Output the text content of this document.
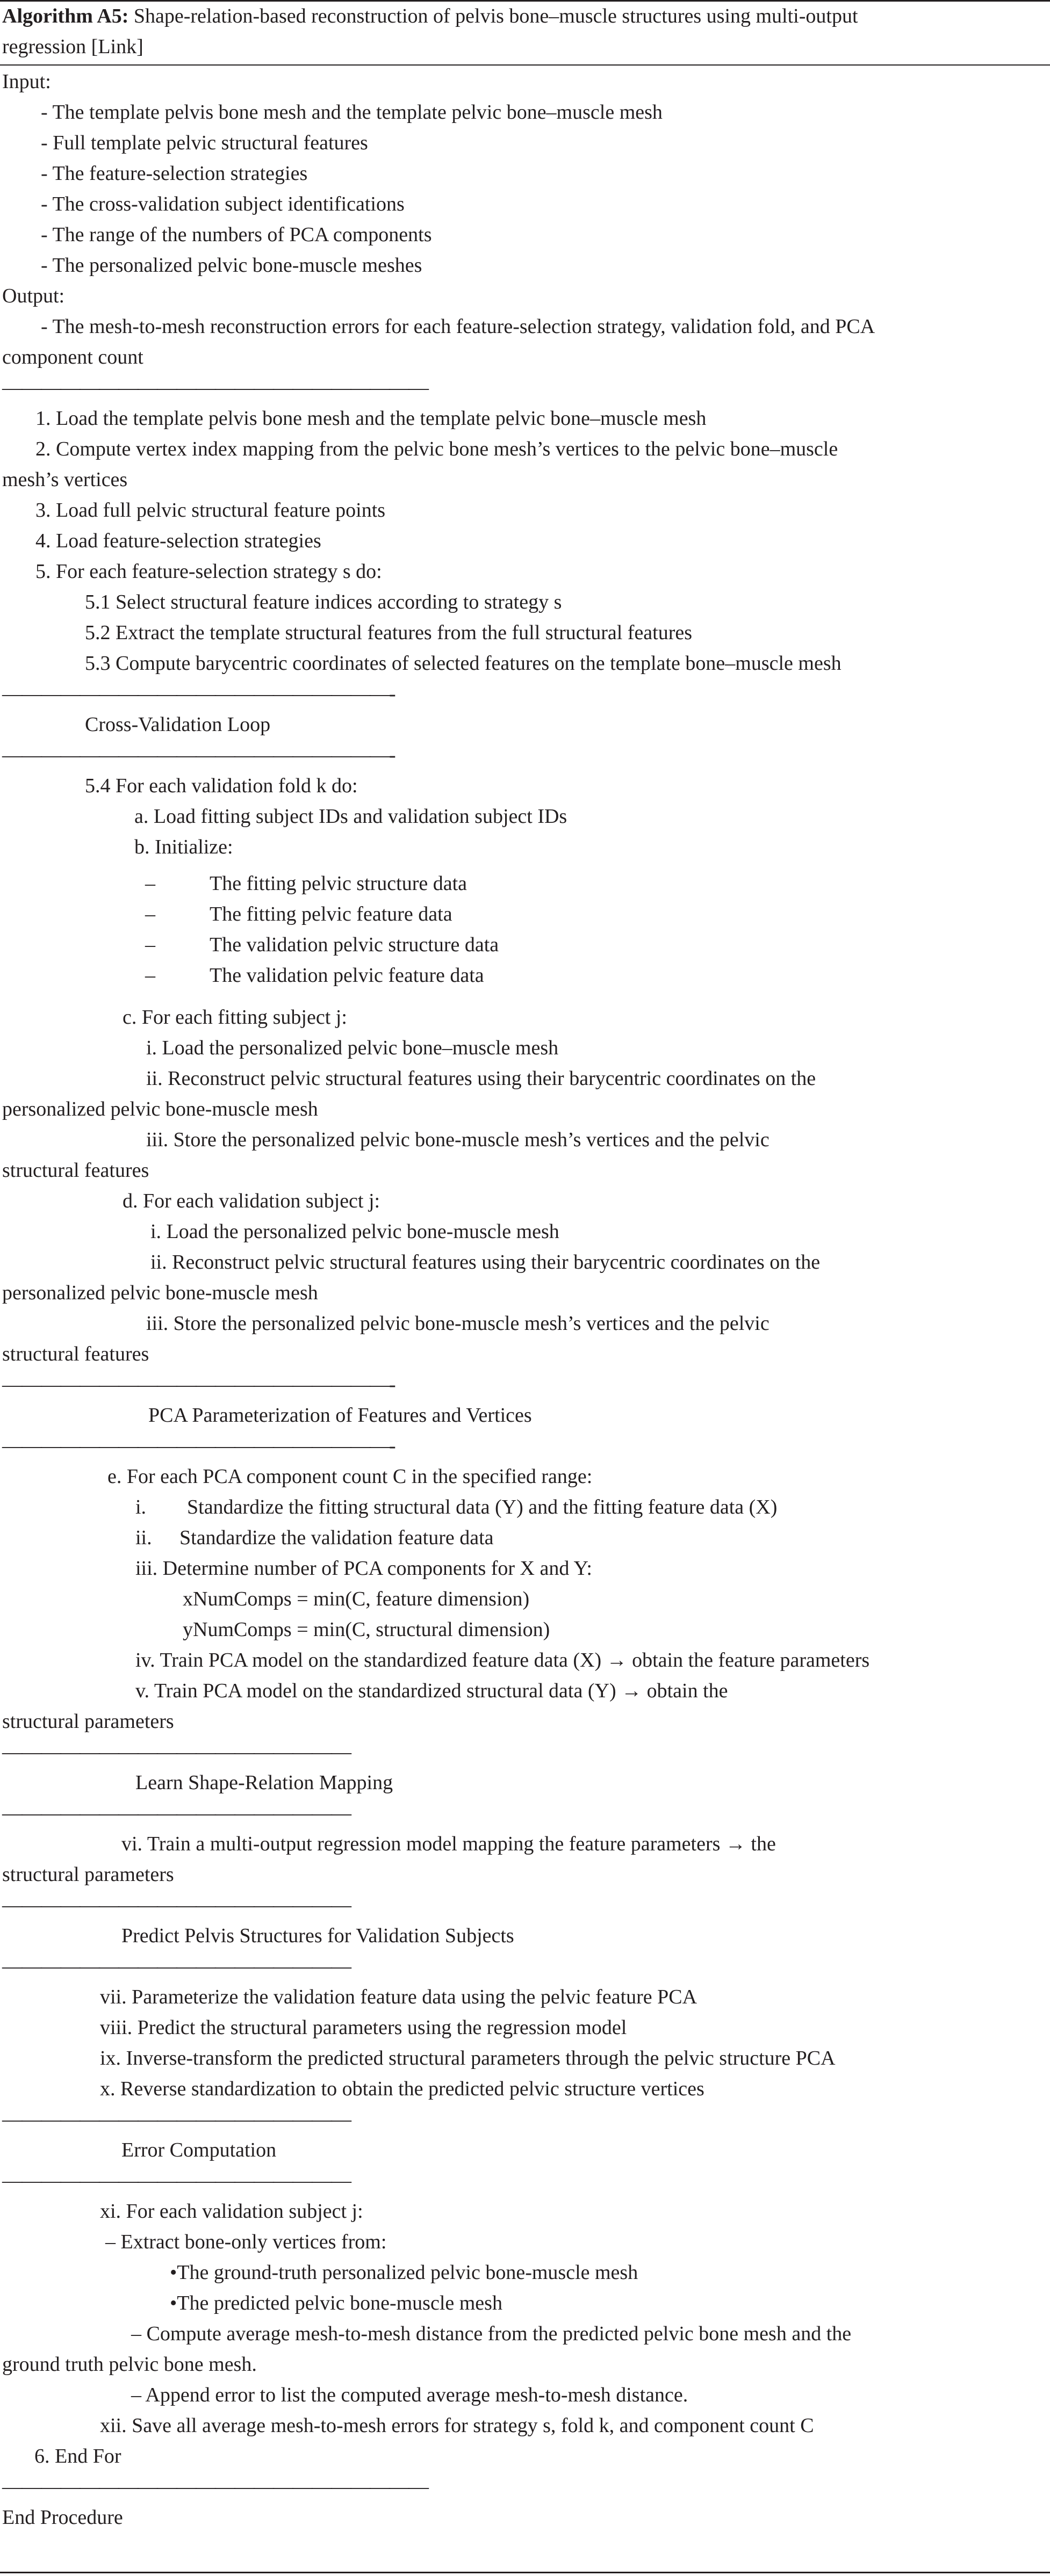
Algorithm A5: Shape-relation-based reconstruction of pelvis bone–muscle structures using multi-output
regression [Link]
Input:
- The template pelvis bone mesh and the template pelvic bone–muscle mesh
- Full template pelvic structural features
- The feature-selection strategies
- The cross-validation subject identifications
- The range of the numbers of PCA components
- The personalized pelvic bone-muscle meshes
Output:
- The mesh-to-mesh reconstruction errors for each feature-selection strategy, validation fold, and PCA
component count
——————————————————————
1. Load the template pelvis bone mesh and the template pelvic bone–muscle mesh
2. Compute vertex index mapping from the pelvic bone mesh’s vertices to the pelvic bone–muscle
mesh’s vertices
3. Load full pelvic structural feature points
4. Load feature-selection strategies
5. For each feature-selection strategy s do:
5.1 Select structural feature indices according to strategy s
5.2 Extract the template structural features from the full structural features
5.3 Compute barycentric coordinates of selected features on the template bone–muscle mesh
————————————————————-
Cross-Validation Loop
————————————————————-
5.4 For each validation fold k do:
a. Load fitting subject IDs and validation subject IDs
b. Initialize:
–	The fitting pelvic structure data
–	The fitting pelvic feature data
–	The validation pelvic structure data
–	The validation pelvic feature data
c. For each fitting subject j:
i. Load the personalized pelvic bone–muscle mesh
ii. Reconstruct pelvic structural features using their barycentric coordinates on the
personalized pelvic bone-muscle mesh
iii. Store the personalized pelvic bone-muscle mesh’s vertices and the pelvic
structural features
d. For each validation subject j:
i. Load the personalized pelvic bone-muscle mesh
ii. Reconstruct pelvic structural features using their barycentric coordinates on the
personalized pelvic bone-muscle mesh
iii. Store the personalized pelvic bone-muscle mesh’s vertices and the pelvic
structural features
————————————————————-
PCA Parameterization of Features and Vertices
————————————————————-
e. For each PCA component count C in the specified range:
i. Standardize the fitting structural data (Y) and the fitting feature data (X)
ii. Standardize the validation feature data
iii. Determine number of PCA components for X and Y:
xNumComps = min(C, feature dimension)
yNumComps = min(C, structural dimension)
iv. Train PCA model on the standardized feature data (X) → obtain the feature parameters
v. Train PCA model on the standardized structural data (Y) → obtain the
structural parameters
——————————————————
Learn Shape-Relation Mapping
——————————————————
vi. Train a multi-output regression model mapping the feature parameters → the
structural parameters
——————————————————
Predict Pelvis Structures for Validation Subjects
——————————————————
vii. Parameterize the validation feature data using the pelvic feature PCA
viii. Predict the structural parameters using the regression model
ix. Inverse-transform the predicted structural parameters through the pelvic structure PCA
x. Reverse standardization to obtain the predicted pelvic structure vertices
——————————————————
Error Computation
——————————————————
xi. For each validation subject j:
– Extract bone-only vertices from:
•The ground-truth personalized pelvic bone-muscle mesh
•The predicted pelvic bone-muscle mesh
– Compute average mesh-to-mesh distance from the predicted pelvic bone mesh and the
ground truth pelvic bone mesh.
– Append error to list the computed average mesh-to-mesh distance.
xii. Save all average mesh-to-mesh errors for strategy s, fold k, and component count C
6. End For
——————————————————————
End Procedure
